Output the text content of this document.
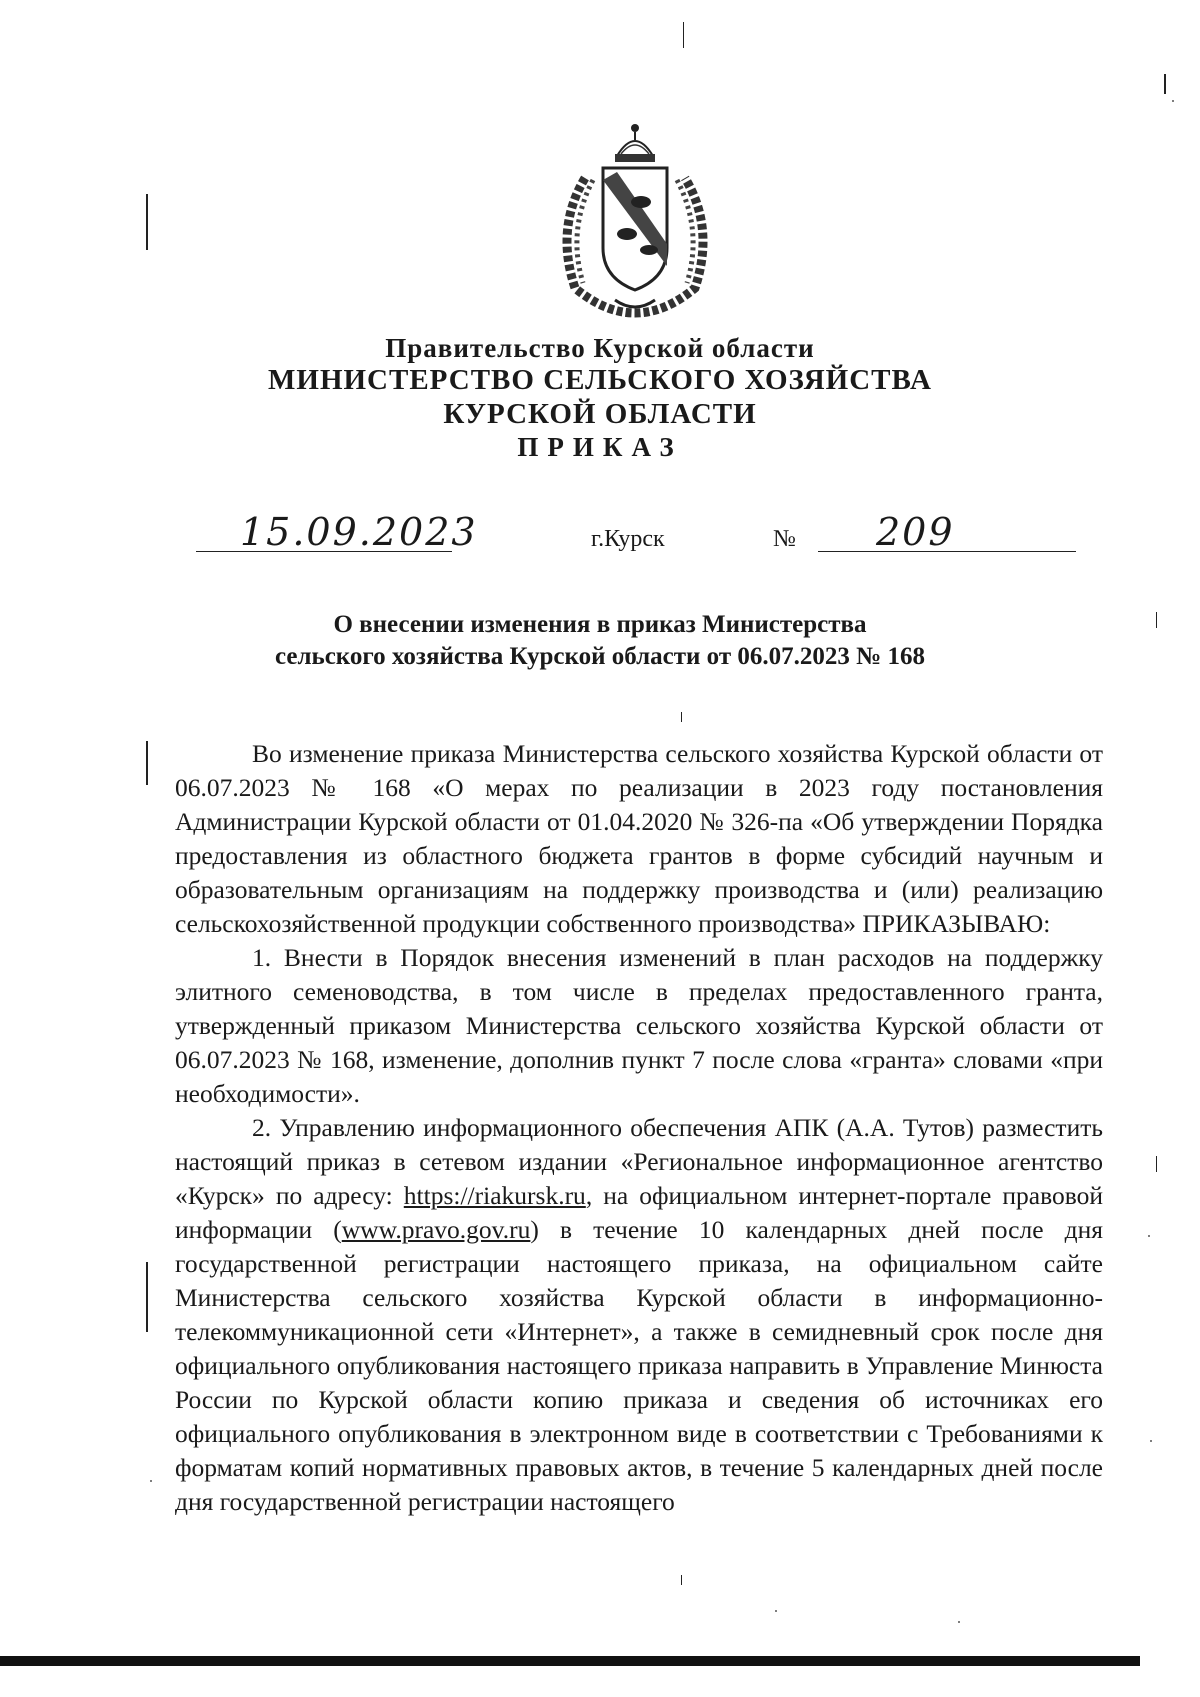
Правительство Курской области
МИНИСТЕРСТВО СЕЛЬСКОГО ХОЗЯЙСТВА
КУРСКОЙ ОБЛАСТИ
ПРИКАЗ
15.09.2023	г.Курск	№ 209
О внесении изменения в приказ Министерства
сельского хозяйства Курской области от 06.07.2023 № 168

Во изменение приказа Министерства сельского хозяйства Курской области от 06.07.2023 № 168 «О мерах по реализации в 2023 году постановления Администрации Курской области от 01.04.2020 № 326-па «Об утверждении Порядка предоставления из областного бюджета грантов в форме субсидий научным и образовательным организациям на поддержку производства и (или) реализацию сельскохозяйственной продукции собственного производства» ПРИКАЗЫВАЮ:

1. Внести в Порядок внесения изменений в план расходов на поддержку элитного семеноводства, в том числе в пределах предоставленного гранта, утвержденный приказом Министерства сельского хозяйства Курской области от 06.07.2023 № 168, изменение, дополнив пункт 7 после слова «гранта» словами «при необходимости».

2. Управлению информационного обеспечения АПК (А.А. Тутов) разместить настоящий приказ в сетевом издании «Региональное информационное агентство «Курск» по адресу: https://riakursk.ru, на официальном интернет-портале правовой информации (www.pravo.gov.ru) в течение 10 календарных дней после дня государственной регистрации настоящего приказа, на официальном сайте Министерства сельского хозяйства Курской области в информационно-телекоммуникационной сети «Интернет», а также в семидневный срок после дня официального опубликования настоящего приказа направить в Управление Минюста России по Курской области копию приказа и сведения об источниках его официального опубликования в электронном виде в соответствии с Требованиями к форматам копий нормативных правовых актов, в течение 5 календарных дней после дня государственной регистрации настоящего
